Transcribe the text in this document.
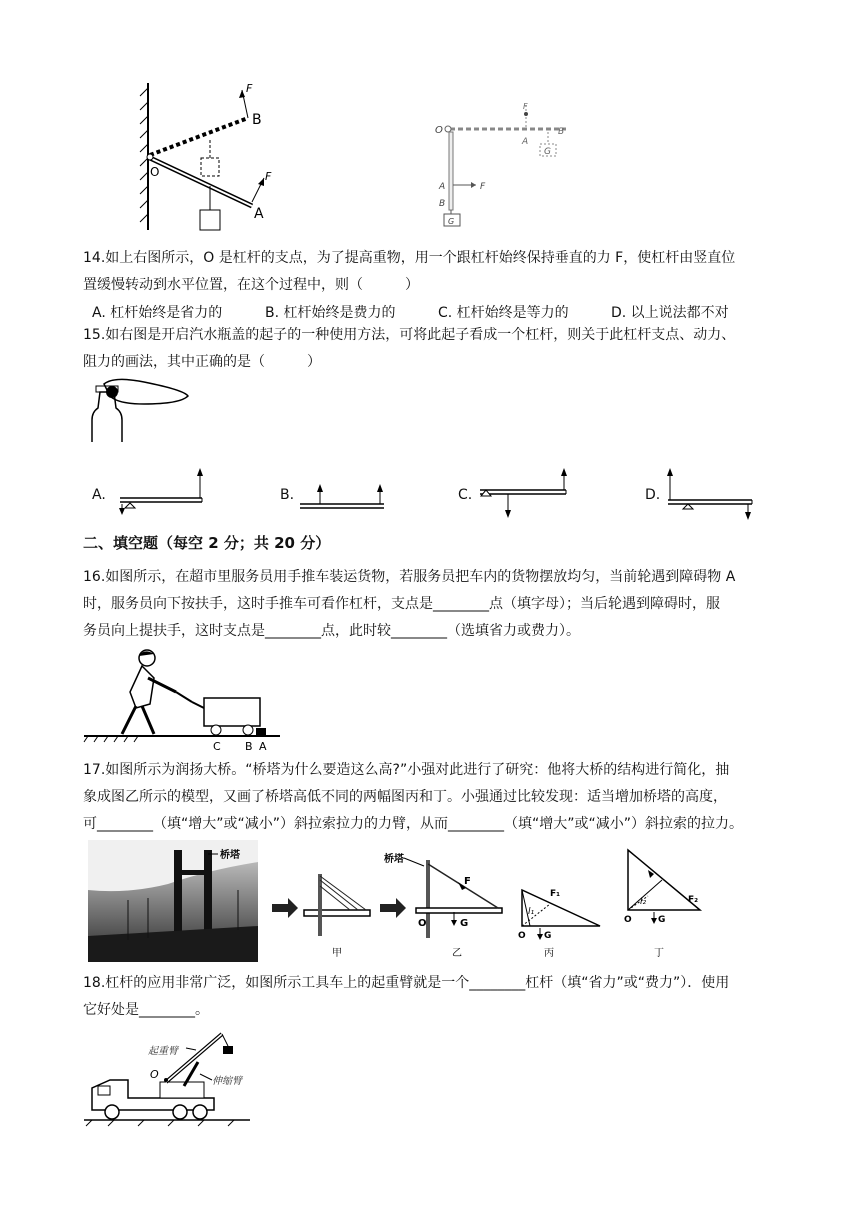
O
A
B
F
F
O
A
B
G
F
A
B
G
F
14.如上右图所示，O 是杠杆的支点，为了提高重物，用一个跟杠杆始终保持垂直的力 F，使杠杆由竖直位
置缓慢转动到水平位置，在这个过程中，则（　　　）
A. 杠杆始终是省力的	B. 杠杆始终是费力的	C. 杠杆始终是等力的	D. 以上说法都不对
15.如右图是开启汽水瓶盖的起子的一种使用方法，可将此起子看成一个杠杆，则关于此杠杆支点、动力、
阻力的画法，其中正确的是（　　　）
A.	B.	C.	D.
二、填空题（每空 2 分；共 20 分）
16.如图所示，在超市里服务员用手推车装运货物，若服务员把车内的货物摆放均匀，当前轮遇到障碍物 A
时，服务员向下按扶手，这时手推车可看作杠杆，支点是________点（填字母）；当后轮遇到障碍时，服
务员向上提扶手，这时支点是________点，此时较________（选填省力或费力）。
C B A
17.如图所示为润扬大桥。“桥塔为什么要造这么高?”小强对此进行了研究：他将大桥的结构进行简化，抽
象成图乙所示的模型，又画了桥塔高低不同的两幅图丙和丁。小强通过比较发现：适当增加桥塔的高度，
可________（填“增大”或“减小”）斜拉索拉力的力臂，从而________（填“增大”或“减小”）斜拉索的拉力。
桥塔
甲
桥塔
F
O	G
乙
F₁
l₁
O G
丙
F₂
l₂
O	G
丁
18.杠杆的应用非常广泛，如图所示工具车上的起重臂就是一个________杠杆（填“省力”或“费力”）．使用
它好处是________。
O
起重臂
伸缩臂
